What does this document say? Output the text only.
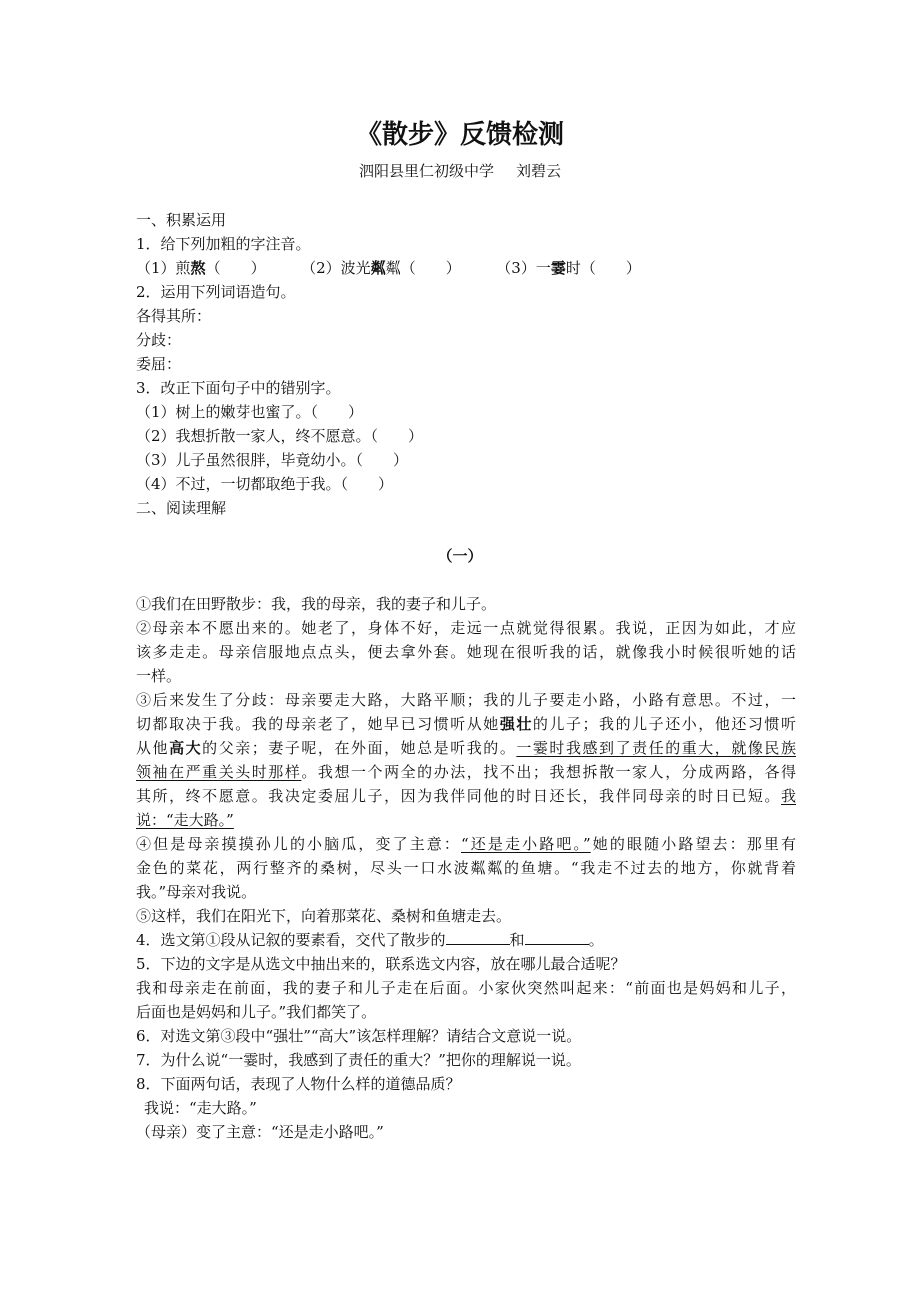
《散步》反馈检测
泗阳县里仁初级中学 刘碧云
一、积累运用
1．给下列加粗的字注音。
（1）煎熬（　　） （2）波光粼粼（　　） （3）一霎时（　　）
2．运用下列词语造句。
各得其所：
分歧：
委屈：
3．改正下面句子中的错别字。
（1）树上的嫩芽也蜜了。（　　）
（2）我想折散一家人，终不愿意。（　　）
（3）儿子虽然很胖，毕竟幼小。（　　）
（4）不过，一切都取绝于我。（　　）
二、阅读理解
（一）
①我们在田野散步：我，我的母亲，我的妻子和儿子。
②母亲本不愿出来的。她老了，身体不好，走远一点就觉得很累。我说，正因为如此，才应
该多走走。母亲信服地点点头，便去拿外套。她现在很听我的话，就像我小时候很听她的话
一样。
③后来发生了分歧：母亲要走大路，大路平顺；我的儿子要走小路，小路有意思。不过，一
切都取决于我。我的母亲老了，她早已习惯听从她强壮的儿子；我的儿子还小，他还习惯听
从他高大的父亲；妻子呢，在外面，她总是听我的。一霎时我感到了责任的重大，就像民族
领袖在严重关头时那样。我想一个两全的办法，找不出；我想拆散一家人，分成两路，各得
其所，终不愿意。我决定委屈儿子，因为我伴同他的时日还长，我伴同母亲的时日已短。我
说：“走大路。”
④但是母亲摸摸孙儿的小脑瓜，变了主意：“还是走小路吧。”她的眼随小路望去：那里有
金色的菜花，两行整齐的桑树，尽头一口水波粼粼的鱼塘。“我走不过去的地方，你就背着
我。”母亲对我说。
⑤这样，我们在阳光下，向着那菜花、桑树和鱼塘走去。
4．选文第①段从记叙的要素看，交代了散步的	和	。
5．下边的文字是从选文中抽出来的，联系选文内容，放在哪儿最合适呢？
我和母亲走在前面，我的妻子和儿子走在后面。小家伙突然叫起来：“前面也是妈妈和儿子，
后面也是妈妈和儿子。”我们都笑了。
6．对选文第③段中“强壮”“高大”该怎样理解？请结合文意说一说。
7．为什么说“一霎时，我感到了责任的重大？”把你的理解说一说。
8．下面两句话，表现了人物什么样的道德品质？
我说：“走大路。”
（母亲）变了主意：“还是走小路吧。”
